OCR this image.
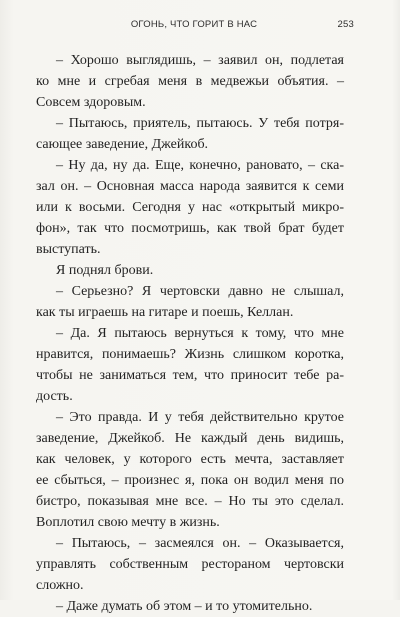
ОГОНЬ, ЧТО ГОРИТ В НАС	253
– Хорошо выглядишь, – заявил он, подлетая
ко мне и сгребая меня в медвежьи объятия. –
Совсем здоровым.
– Пытаюсь, приятель, пытаюсь. У тебя потря-
сающее заведение, Джейкоб.
– Ну да, ну да. Еще, конечно, рановато, – ска-
зал он. – Основная масса народа заявится к семи
или к восьми. Сегодня у нас «открытый микро-
фон», так что посмотришь, как твой брат будет
выступать.
Я поднял брови.
– Серьезно? Я чертовски давно не слышал,
как ты играешь на гитаре и поешь, Келлан.
– Да. Я пытаюсь вернуться к тому, что мне
нравится, понимаешь? Жизнь слишком коротка,
чтобы не заниматься тем, что приносит тебе ра-
дость.
– Это правда. И у тебя действительно крутое
заведение, Джейкоб. Не каждый день видишь,
как человек, у которого есть мечта, заставляет
ее сбыться, – произнес я, пока он водил меня по
бистро, показывая мне все. – Но ты это сделал.
Воплотил свою мечту в жизнь.
– Пытаюсь, – засмеялся он. – Оказывается,
управлять собственным рестораном чертовски
сложно.
– Даже думать об этом – и то утомительно.
